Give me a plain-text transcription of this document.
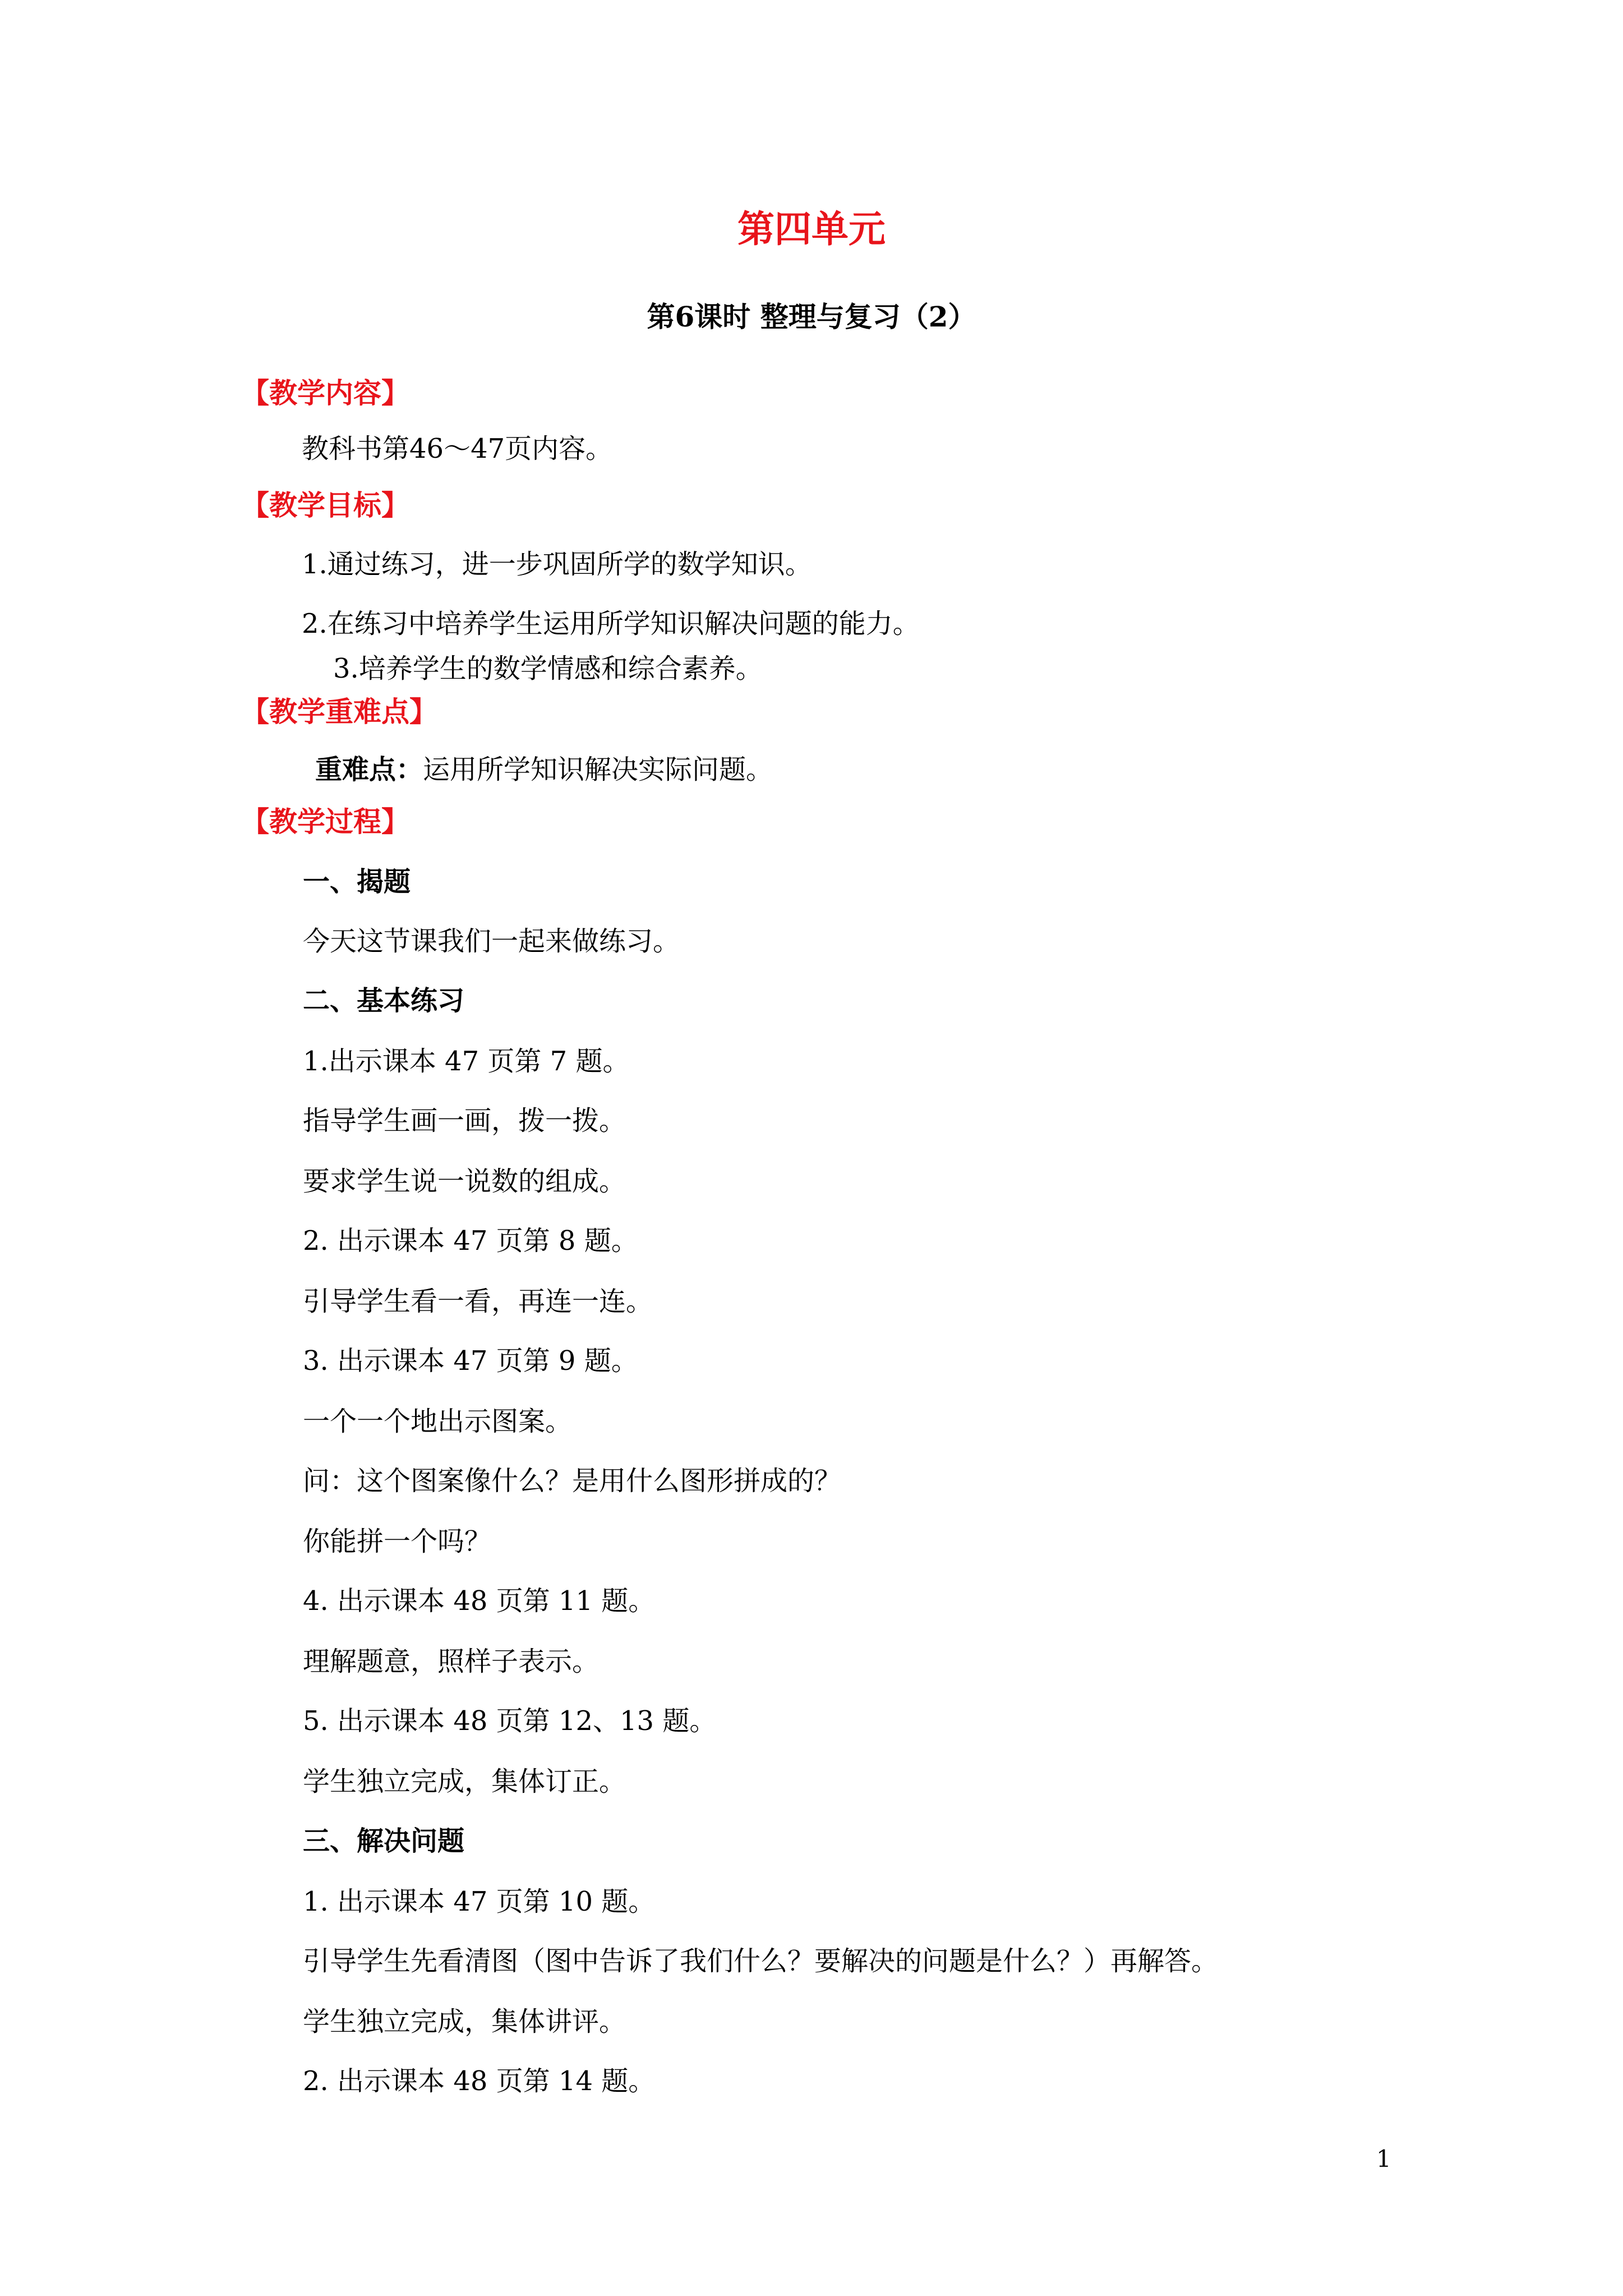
第四单元
第6课时 整理与复习（2）
【教学内容】
教科书第46～47页内容。
【教学目标】
1.通过练习，进一步巩固所学的数学知识。
2.在练习中培养学生运用所学知识解决问题的能力。
3.培养学生的数学情感和综合素养。
【教学重难点】
重难点：运用所学知识解决实际问题。
【教学过程】
一、揭题
今天这节课我们一起来做练习。
二、基本练习
1.出示课本 47 页第 7 题。
指导学生画一画，拨一拨。
要求学生说一说数的组成。
2. 出示课本 47 页第 8 题。
引导学生看一看，再连一连。
3. 出示课本 47 页第 9 题。
一个一个地出示图案。
问：这个图案像什么？是用什么图形拼成的？
你能拼一个吗？
4. 出示课本 48 页第 11 题。
理解题意，照样子表示。
5. 出示课本 48 页第 12、13 题。
学生独立完成，集体订正。
三、解决问题
1. 出示课本 47 页第 10 题。
引导学生先看清图（图中告诉了我们什么？要解决的问题是什么？）再解答。
学生独立完成，集体讲评。
2. 出示课本 48 页第 14 题。
1
